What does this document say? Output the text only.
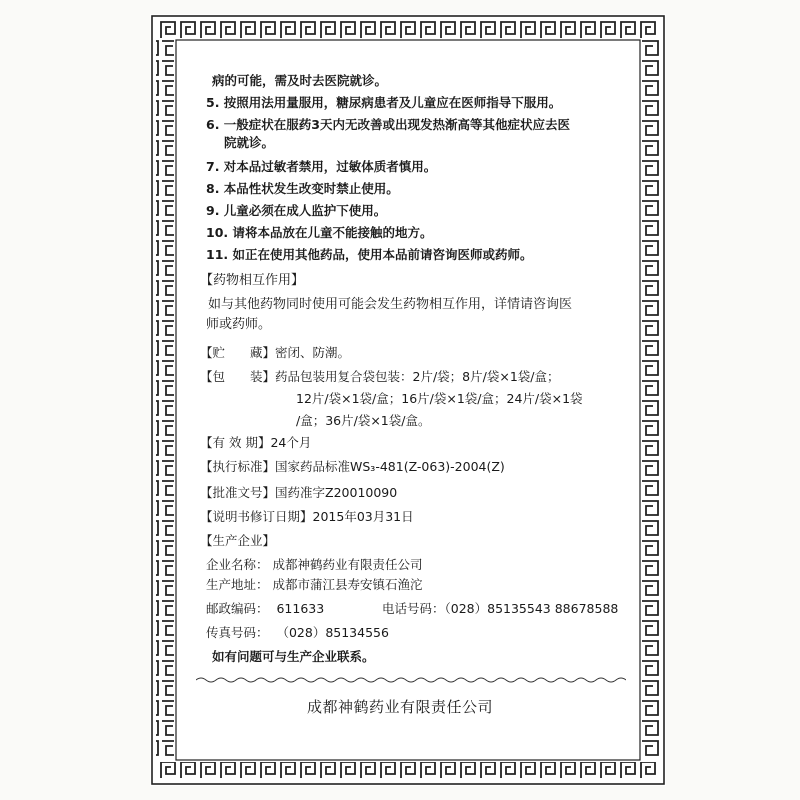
病的可能，需及时去医院就诊。
5. 按照用法用量服用，糖尿病患者及儿童应在医师指导下服用。
6. 一般症状在服药3天内无改善或出现发热渐高等其他症状应去医
院就诊。
7. 对本品过敏者禁用，过敏体质者慎用。
8. 本品性状发生改变时禁止使用。
9. 儿童必须在成人监护下使用。
10. 请将本品放在儿童不能接触的地方。
11. 如正在使用其他药品，使用本品前请咨询医师或药师。
【药物相互作用】
如与其他药物同时使用可能会发生药物相互作用，详情请咨询医
师或药师。
【贮　　藏】密闭、防潮。
【包　　装】药品包装用复合袋包装：2片/袋；8片/袋×1袋/盒；
12片/袋×1袋/盒；16片/袋×1袋/盒；24片/袋×1袋
/盒；36片/袋×1袋/盒。
【有 效 期】24个月
【执行标准】国家药品标准WS₃-481(Z-063)-2004(Z)
【批准文号】国药准字Z20010090
【说明书修订日期】2015年03月31日
【生产企业】
企业名称： 成都神鹤药业有限责任公司
生产地址： 成都市蒲江县寿安镇石渔沱
邮政编码： 611633	电话号码：（028）85135543 88678588
传真号码： （028）85134556
如有问题可与生产企业联系。
成都神鹤药业有限责任公司
